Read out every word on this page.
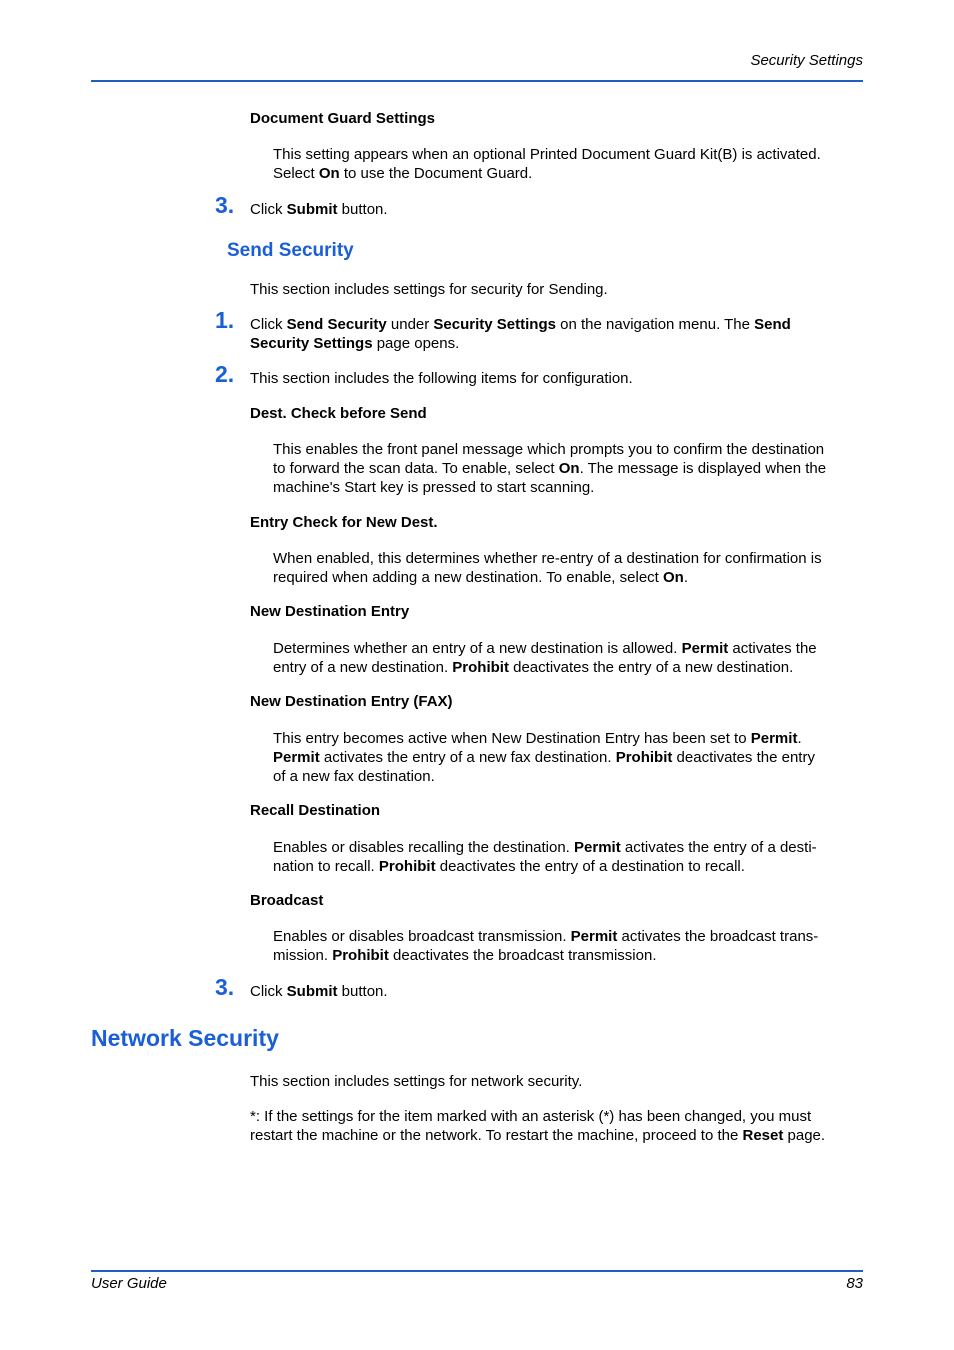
Security Settings
Document Guard Settings
This setting appears when an optional Printed Document Guard Kit(B) is activated.
Select On to use the Document Guard.
3. Click Submit button.
Send Security
This section includes settings for security for Sending.
1. Click Send Security under Security Settings on the navigation menu. The Send
Security Settings page opens.
2. This section includes the following items for configuration.
Dest. Check before Send
This enables the front panel message which prompts you to confirm the destination
to forward the scan data. To enable, select On. The message is displayed when the
machine's Start key is pressed to start scanning.
Entry Check for New Dest.
When enabled, this determines whether re-entry of a destination for confirmation is
required when adding a new destination. To enable, select On.
New Destination Entry
Determines whether an entry of a new destination is allowed. Permit activates the
entry of a new destination. Prohibit deactivates the entry of a new destination.
New Destination Entry (FAX)
This entry becomes active when New Destination Entry has been set to Permit.
Permit activates the entry of a new fax destination. Prohibit deactivates the entry
of a new fax destination.
Recall Destination
Enables or disables recalling the destination. Permit activates the entry of a desti-
nation to recall. Prohibit deactivates the entry of a destination to recall.
Broadcast
Enables or disables broadcast transmission. Permit activates the broadcast trans-
mission. Prohibit deactivates the broadcast transmission.
3. Click Submit button.
Network Security
This section includes settings for network security.
*: If the settings for the item marked with an asterisk (*) has been changed, you must
restart the machine or the network. To restart the machine, proceed to the Reset page.
User Guide	83
